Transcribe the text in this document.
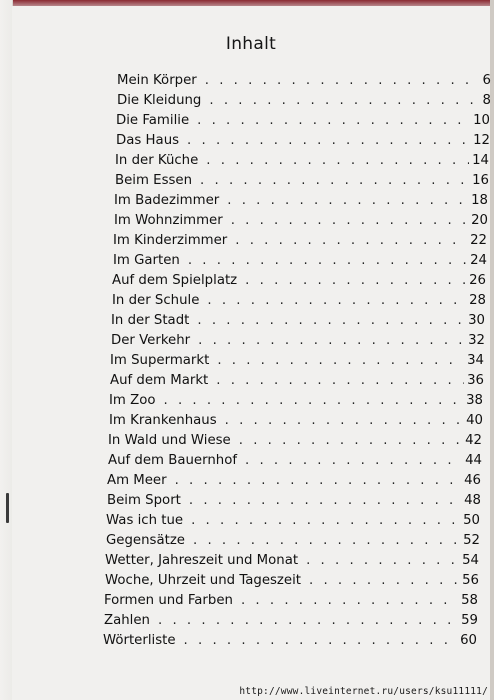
Inhalt
Mein Körper . . .	6
Die Kleidung . . .	8
Die Familie . . .	10
Das Haus . . .	12
In der Küche . . .	14
Beim Essen . . .	16
Im Badezimmer . . .	18
Im Wohnzimmer . . .	20
Im Kinderzimmer . . .	22
Im Garten . . .	24
Auf dem Spielplatz . . .	26
In der Schule . . .	28
In der Stadt . . .	30
Der Verkehr . . .	32
Im Supermarkt . . .	34
Auf dem Markt . . .	36
Im Zoo . . .	38
Im Krankenhaus . . .	40
In Wald und Wiese . . .	42
Auf dem Bauernhof . . .	44
Am Meer . . .	46
Beim Sport . . .	48
Was ich tue . . .	50
Gegensätze . . .	52
Wetter, Jahreszeit und Monat . . .	54
Woche, Uhrzeit und Tageszeit . . .	56
Formen und Farben . . .	58
Zahlen . . .	59
Wörterliste . . .	60
http://www.liveinternet.ru/users/ksu11111/
